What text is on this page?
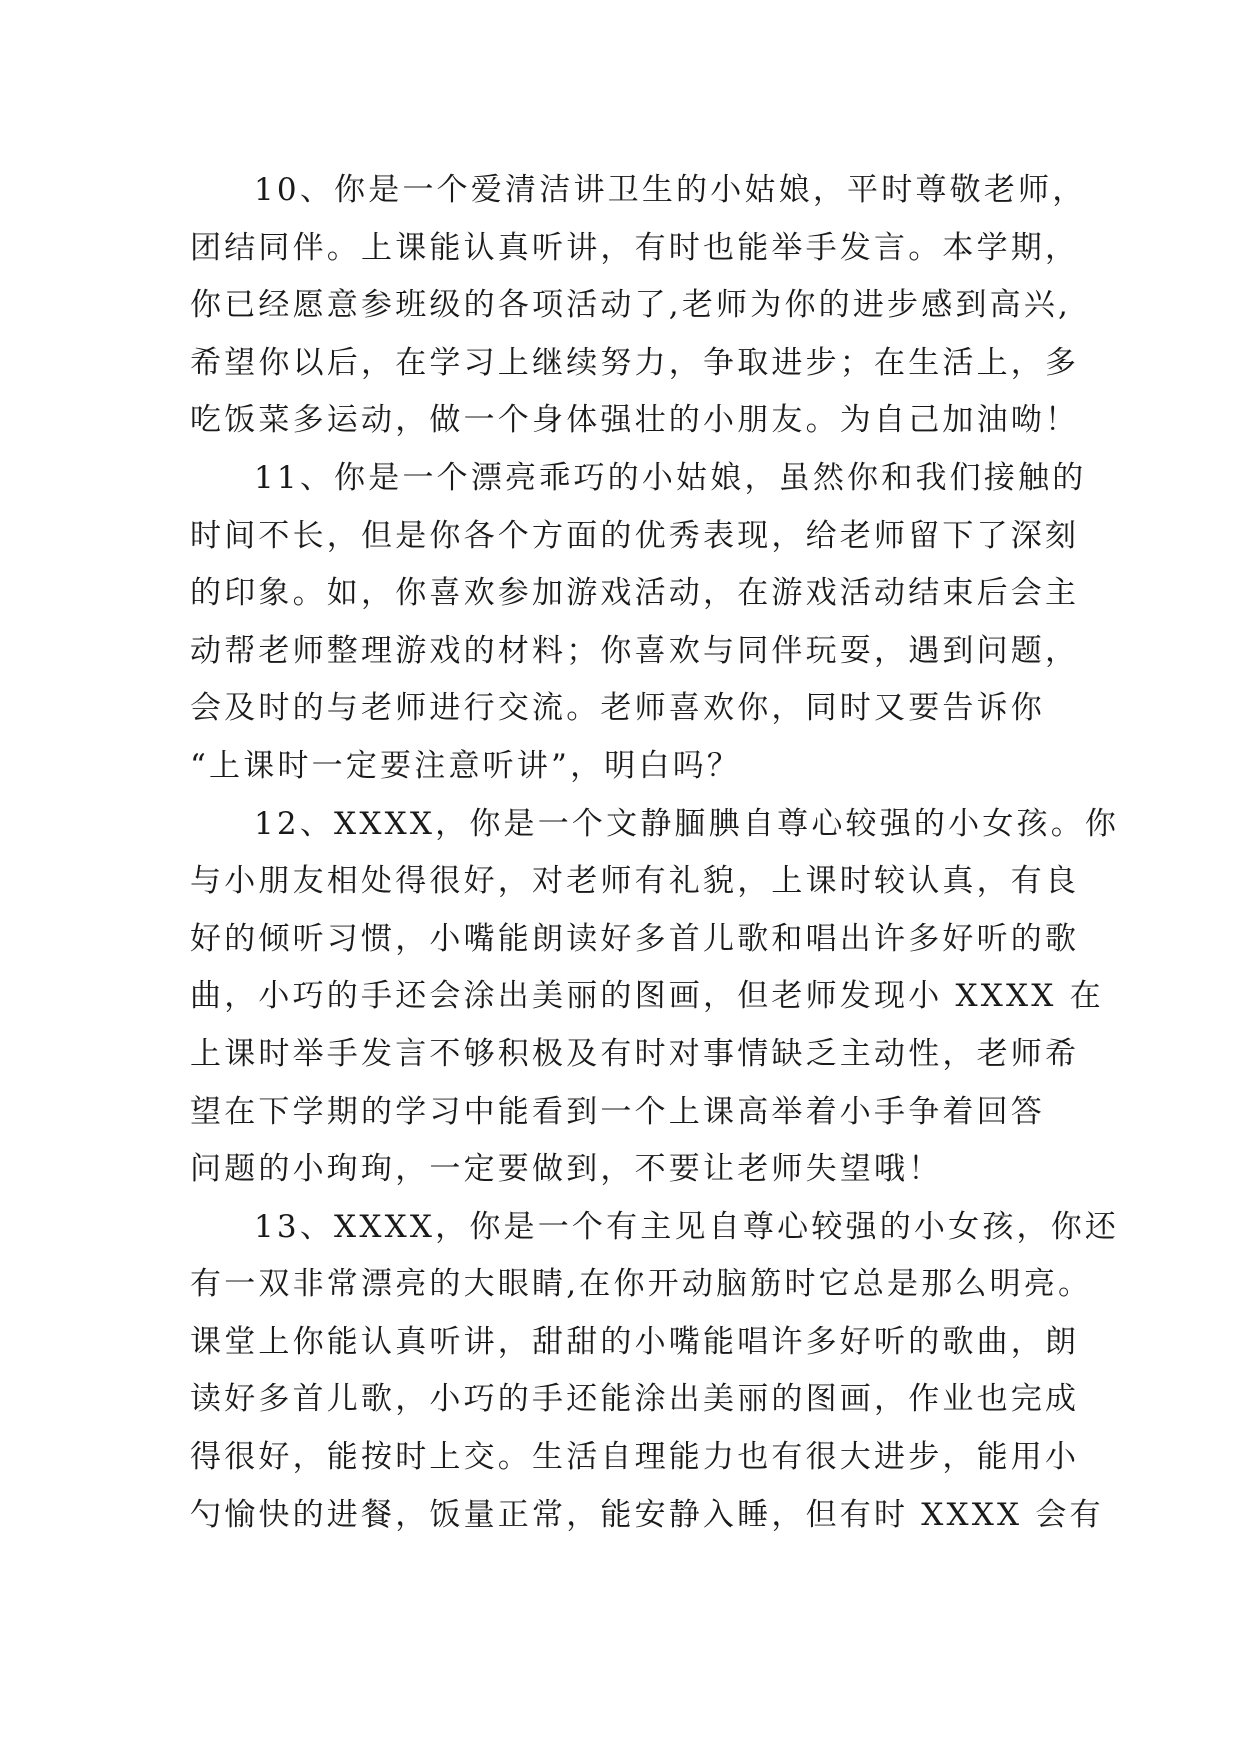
10、你是一个爱清洁讲卫生的小姑娘，平时尊敬老师，
团结同伴。上课能认真听讲，有时也能举手发言。本学期，
你已经愿意参班级的各项活动了,老师为你的进步感到高兴,
希望你以后，在学习上继续努力，争取进步；在生活上，多
吃饭菜多运动，做一个身体强壮的小朋友。为自己加油呦！
11、你是一个漂亮乖巧的小姑娘，虽然你和我们接触的
时间不长，但是你各个方面的优秀表现，给老师留下了深刻
的印象。如，你喜欢参加游戏活动，在游戏活动结束后会主
动帮老师整理游戏的材料；你喜欢与同伴玩耍，遇到问题，
会及时的与老师进行交流。老师喜欢你，同时又要告诉你
“上课时一定要注意听讲”，明白吗？
12、XXXX，你是一个文静腼腆自尊心较强的小女孩。你
与小朋友相处得很好，对老师有礼貌，上课时较认真，有良
好的倾听习惯，小嘴能朗读好多首儿歌和唱出许多好听的歌
曲，小巧的手还会涂出美丽的图画，但老师发现小 XXXX 在
上课时举手发言不够积极及有时对事情缺乏主动性，老师希
望在下学期的学习中能看到一个上课高举着小手争着回答
问题的小珣珣，一定要做到，不要让老师失望哦！
13、XXXX，你是一个有主见自尊心较强的小女孩，你还
有一双非常漂亮的大眼睛,在你开动脑筋时它总是那么明亮。
课堂上你能认真听讲，甜甜的小嘴能唱许多好听的歌曲，朗
读好多首儿歌，小巧的手还能涂出美丽的图画，作业也完成
得很好，能按时上交。生活自理能力也有很大进步，能用小
勺愉快的进餐，饭量正常，能安静入睡，但有时 XXXX 会有
